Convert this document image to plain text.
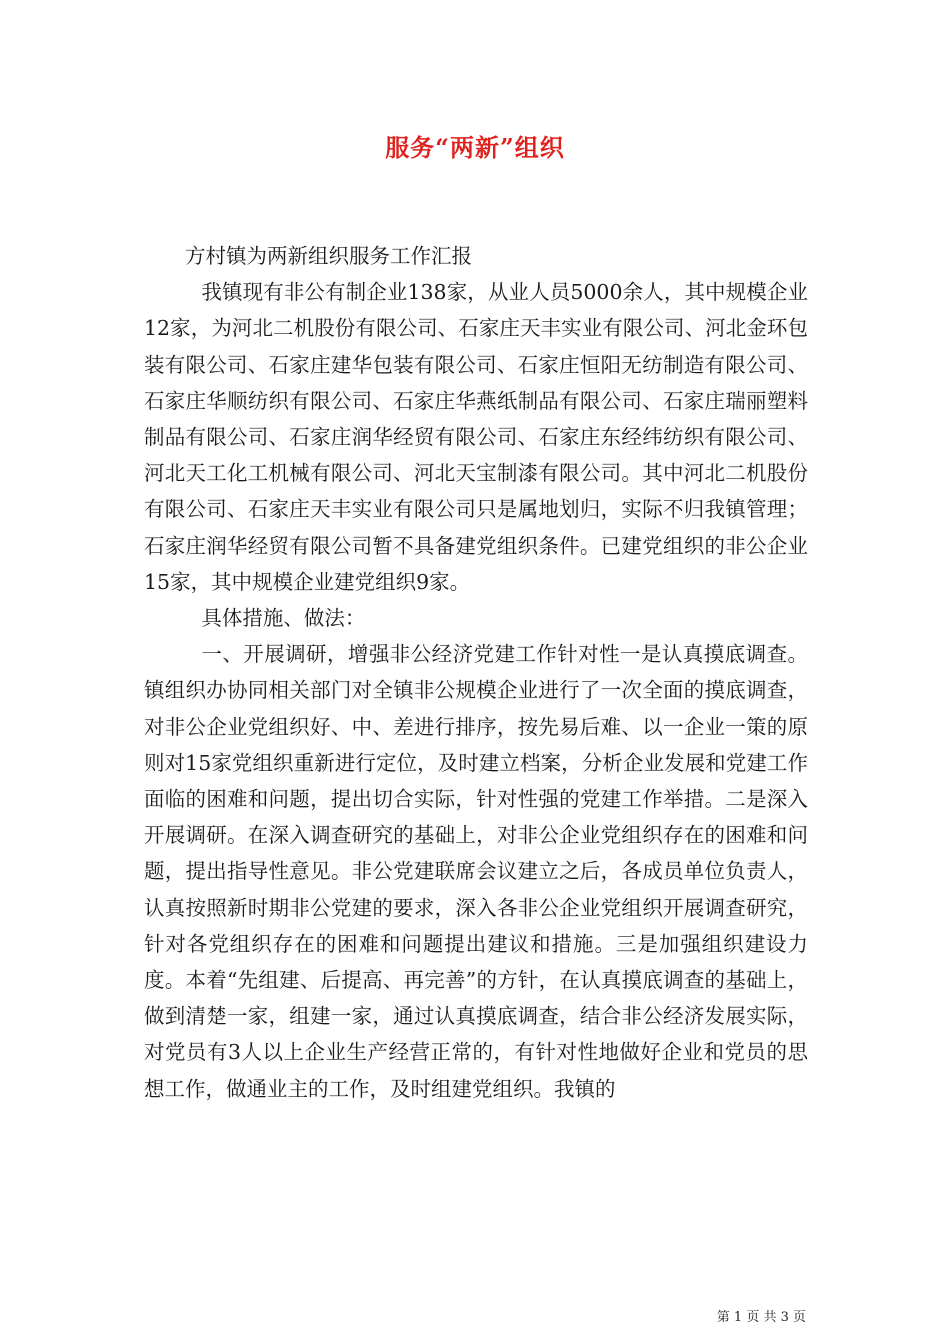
服务“两新”组织

方村镇为两新组织服务工作汇报

我镇现有非公有制企业138家，从业人员5000余人，其中规模企业12家，为河北二机股份有限公司、石家庄天丰实业有限公司、河北金环包装有限公司、石家庄建华包装有限公司、石家庄恒阳无纺制造有限公司、石家庄华顺纺织有限公司、石家庄华燕纸制品有限公司、石家庄瑞丽塑料制品有限公司、石家庄润华经贸有限公司、石家庄东经纬纺织有限公司、河北天工化工机械有限公司、河北天宝制漆有限公司。其中河北二机股份有限公司、石家庄天丰实业有限公司只是属地划归，实际不归我镇管理；石家庄润华经贸有限公司暂不具备建党组织条件。已建党组织的非公企业15家，其中规模企业建党组织9家。

具体措施、做法：

一、开展调研，增强非公经济党建工作针对性一是认真摸底调查。镇组织办协同相关部门对全镇非公规模企业进行了一次全面的摸底调查，对非公企业党组织好、中、差进行排序，按先易后难、以一企业一策的原则对15家党组织重新进行定位，及时建立档案，分析企业发展和党建工作面临的困难和问题，提出切合实际，针对性强的党建工作举措。二是深入开展调研。在深入调查研究的基础上，对非公企业党组织存在的困难和问题，提出指导性意见。非公党建联席会议建立之后，各成员单位负责人，认真按照新时期非公党建的要求，深入各非公企业党组织开展调查研究，针对各党组织存在的困难和问题提出建议和措施。三是加强组织建设力度。本着“先组建、后提高、再完善”的方针，在认真摸底调查的基础上，做到清楚一家，组建一家，通过认真摸底调查，结合非公经济发展实际，对党员有3人以上企业生产经营正常的，有针对性地做好企业和党员的思想工作，做通业主的工作，及时组建党组织。我镇的

第 1 页 共 3 页
